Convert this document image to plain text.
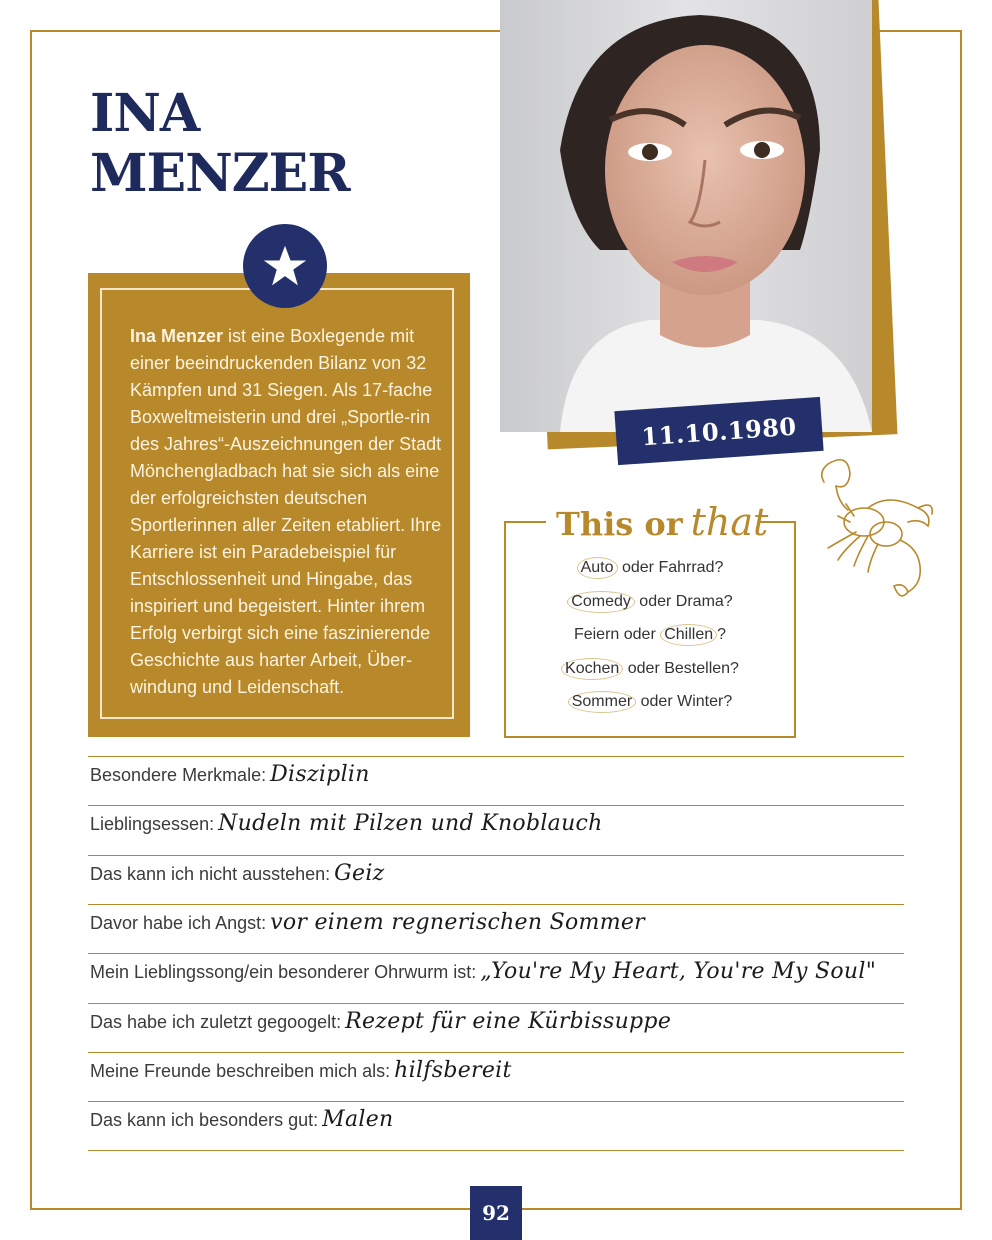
INA
MENZER
11.10.1980

Ina Menzer ist eine Boxlegende mit einer beeindruckenden Bilanz von 32 Kämpfen und 31 Siegen. Als 17-fache Boxweltmeisterin und drei „Sportle-rin des Jahres“-Auszeichnungen der Stadt Mönchengladbach hat sie sich als eine der erfolgreichsten deutschen Sportlerinnen aller Zeiten etabliert. Ihre Karriere ist ein Paradebeispiel für Entschlossenheit und Hingabe, das inspiriert und begeistert. Hinter ihrem Erfolg verbirgt sich eine faszinierende Geschichte aus harter Arbeit, Über-windung und Leidenschaft.

This or that
Auto oder Fahrrad?
Comedy oder Drama?
Feiern oder Chillen ?
Kochen oder Bestellen?
Sommer oder Winter?
Besondere Merkmale: Disziplin
Lieblingsessen: Nudeln mit Pilzen und Knoblauch
Das kann ich nicht ausstehen: Geiz
Davor habe ich Angst: vor einem regnerischen Sommer
Mein Lieblingssong/ein besonderer Ohrwurm ist: „You're My Heart, You're My Soul"
Das habe ich zuletzt gegoogelt: Rezept für eine Kürbissuppe
Meine Freunde beschreiben mich als: hilfsbereit
Das kann ich besonders gut: Malen
92
